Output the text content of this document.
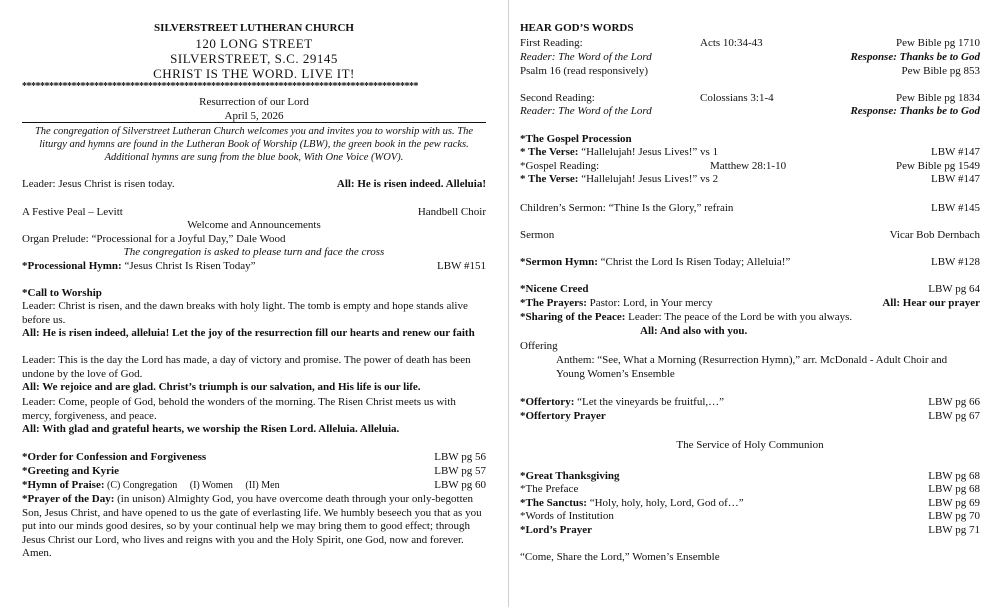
SILVERSTREET LUTHERAN CHURCH
120 LONG STREET
SILVERSTREET, S.C. 29145
CHRIST IS THE WORD. LIVE IT!
****************************************************************************************
Resurrection of our Lord
April 5, 2026
The congregation of Silverstreet Lutheran Church welcomes you and invites you to worship with us. The liturgy and hymns are found in the Lutheran Book of Worship (LBW), the green book in the pew racks. Additional hymns are sung from the blue book, With One Voice (WOV).
Leader: Jesus Christ is risen today.	All: He is risen indeed. Alleluia!
A Festive Peal – Levitt	Handbell Choir
Welcome and Announcements
Organ Prelude: “Processional for a Joyful Day,” Dale Wood
The congregation is asked to please turn and face the cross
*Processional Hymn: “Jesus Christ Is Risen Today”	LBW #151
*Call to Worship
Leader: Christ is risen, and the dawn breaks with holy light. The tomb is empty and hope stands alive before us.
All: He is risen indeed, alleluia! Let the joy of the resurrection fill our hearts and renew our faith
Leader: This is the day the Lord has made, a day of victory and promise. The power of death has been undone by the love of God.
All: We rejoice and are glad. Christ’s triumph is our salvation, and His life is our life.
Leader: Come, people of God, behold the wonders of the morning. The Risen Christ meets us with mercy, forgiveness, and peace.
All: With glad and grateful hearts, we worship the Risen Lord. Alleluia. Alleluia.
*Order for Confession and Forgiveness	LBW pg 56
*Greeting and Kyrie	LBW pg 57
*Hymn of Praise: (C) Congregation     (I) Women     (II) Men	LBW pg 60
*Prayer of the Day: (in unison) Almighty God, you have overcome death through your only-begotten Son, Jesus Christ, and have opened to us the gate of everlasting life. We humbly beseech you that as you put into our minds good desires, so by your continual help we may bring them to good effect; through Jesus Christ our Lord, who lives and reigns with you and the Holy Spirit, one God, now and forever. Amen.
HEAR GOD’S WORDS
First Reading:	Acts 10:34-43	Pew Bible pg 1710
Reader: The Word of the Lord	Response: Thanks be to God
Psalm 16 (read responsively)	Pew Bible pg 853
Second Reading:	Colossians 3:1-4	Pew Bible pg 1834
Reader: The Word of the Lord	Response: Thanks be to God
*The Gospel Procession
* The Verse: “Hallelujah! Jesus Lives!” vs 1	LBW #147
*Gospel Reading:	Matthew 28:1-10	Pew Bible pg 1549
* The Verse: “Hallelujah! Jesus Lives!” vs 2	LBW #147
Children’s Sermon: “Thine Is the Glory,” refrain	LBW #145
Sermon	Vicar Bob Dernbach
*Sermon Hymn: “Christ the Lord Is Risen Today; Alleluia!”	LBW #128
*Nicene Creed	LBW pg 64
*The Prayers: Pastor: Lord, in Your mercy	All: Hear our prayer
*Sharing of the Peace: Leader: The peace of the Lord be with you always.
All: And also with you.
Offering
Anthem: “See, What a Morning (Resurrection Hymn),” arr. McDonald - Adult Choir and Young Women’s Ensemble
*Offertory: “Let the vineyards be fruitful,…”	LBW pg 66
*Offertory Prayer	LBW pg 67
The Service of Holy Communion
*Great Thanksgiving	LBW pg 68
*The Preface	LBW pg 68
*The Sanctus: “Holy, holy, holy, Lord, God of…”	LBW pg 69
*Words of Institution	LBW pg 70
*Lord’s Prayer	LBW pg 71
“Come, Share the Lord,” Women’s Ensemble
